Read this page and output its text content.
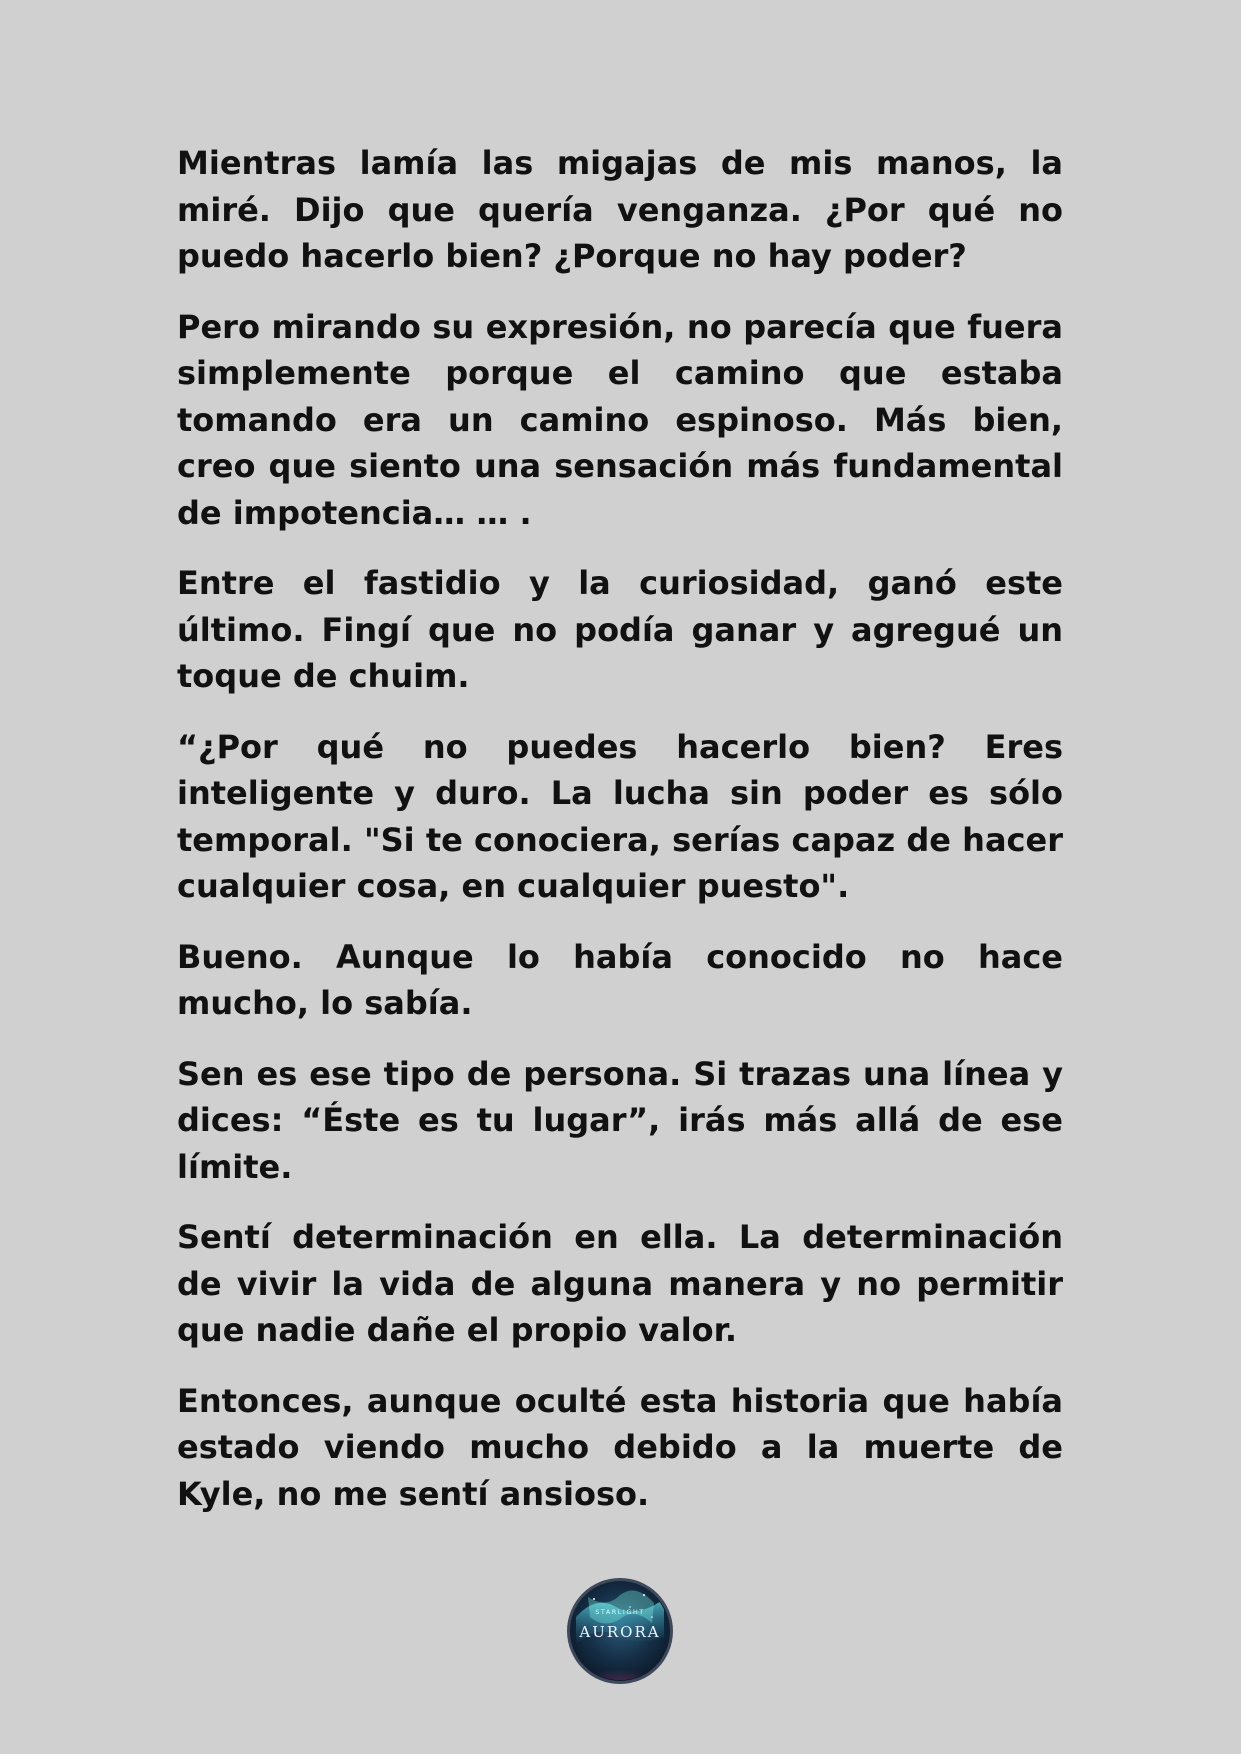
Mientras lamía las migajas de mis manos, la miré. Dijo que quería venganza. ¿Por qué no puedo hacerlo bien? ¿Porque no hay poder?

Pero mirando su expresión, no parecía que fuera simplemente porque el camino que estaba tomando era un camino espinoso. Más bien, creo que siento una sensación más fundamental de impotencia… … .

Entre el fastidio y la curiosidad, ganó este último. Fingí que no podía ganar y agregué un toque de chuim.

“¿Por qué no puedes hacerlo bien? Eres inteligente y duro. La lucha sin poder es sólo temporal. "Si te conociera, serías capaz de hacer cualquier cosa, en cualquier puesto".

Bueno. Aunque lo había conocido no hace mucho, lo sabía.

Sen es ese tipo de persona. Si trazas una línea y dices: “Éste es tu lugar”, irás más allá de ese límite.

Sentí determinación en ella. La determinación de vivir la vida de alguna manera y no permitir que nadie dañe el propio valor.

Entonces, aunque oculté esta historia que había estado viendo mucho debido a la muerte de Kyle, no me sentí ansioso.

STARLIGHT
AURORA
